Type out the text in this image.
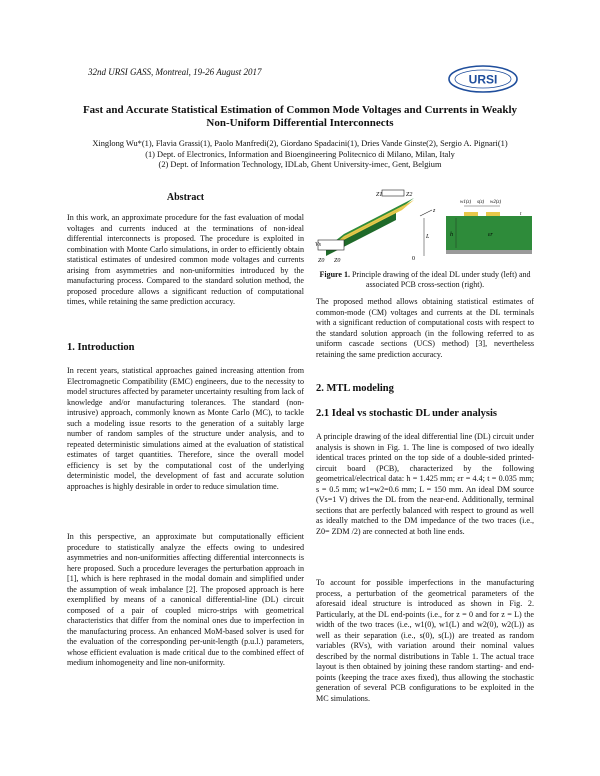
32nd URSI GASS, Montreal, 19-26 August 2017
URSI
Fast and Accurate Statistical Estimation of Common Mode Voltages and Currents in Weakly
Non-Uniform Differential Interconnects
Xinglong Wu*(1), Flavia Grassi(1), Paolo Manfredi(2), Giordano Spadacini(1), Dries Vande Ginste(2), Sergio A. Pignari(1)
(1) Dept. of Electronics, Information and Bioengineering Politecnico di Milano, Milan, Italy
(2) Dept. of Information Technology, IDLab, Ghent University-imec, Gent, Belgium
Abstract

In this work, an approximate procedure for the fast evaluation of modal voltages and currents induced at the terminations of non-ideal differential interconnects is proposed. The procedure is exploited in combination with Monte Carlo simulations, in order to efficiently obtain statistical estimates of undesired common mode voltages and currents arising from asymmetries and non-uniformities introduced by the manufacturing process. Compared to the standard solution method, the proposed procedure allows a significant reduction of computational times, while retaining the same prediction accuracy.

1. Introduction

In recent years, statistical approaches gained increasing attention from Electromagnetic Compatibility (EMC) engineers, due to the necessity to model structures affected by parameter uncertainty resulting from lack of knowledge and/or manufacturing tolerances. The standard (non-intrusive) approach, commonly known as Monte Carlo (MC), to tackle such a modeling issue resorts to the generation of a suitably large number of random samples of the structure under analysis, and to repeated deterministic simulations aimed at the evaluation of statistical estimates of target quantities. Therefore, since the overall model efficiency is set by the computational cost of the underlying deterministic model, the development of fast and accurate solution approaches is highly desirable in order to reduce simulation time.

In this perspective, an approximate but computationally efficient procedure to statistically analyze the effects owing to undesired asymmetries and non-uniformities affecting differential interconnects is here proposed. Such a procedure leverages the perturbation approach in [1], which is here rephrased in the modal domain and simplified under the assumption of weak imbalance [2]. The proposed approach is here exemplified by means of a canonical differential-line (DL) circuit composed of a pair of coupled micro-strips with geometrical characteristics that differ from the nominal ones due to imperfection in the manufacturing process. An enhanced MoM-based solver is used for the evaluation of the corresponding per-unit-length (p.u.l.) parameters, whose efficient evaluation is made critical due to the combined effect of medium inhomogeneity and line non-uniformity.

Z1	Z2
Vs
Z0 Z0
z
L
0
w1(z) s(z) w2(z)
t
h	εr
Figure 1. Principle drawing of the ideal DL under study (left) and associated PCB cross-section (right).

The proposed method allows obtaining statistical estimates of common-mode (CM) voltages and currents at the DL terminals with a significant reduction of computational costs with respect to the standard solution approach (in the following referred to as uniform cascade sections (UCS) method) [3], nevertheless retaining the same prediction accuracy.

2. MTL modeling
2.1 Ideal vs stochastic DL under analysis

A principle drawing of the ideal differential line (DL) circuit under analysis is shown in Fig. 1. The line is composed of two ideally identical traces printed on the top side of a double-sided printed-circuit board (PCB), characterized by the following geometrical/electrical data: h = 1.425 mm; εr = 4.4; t = 0.035 mm; s = 0.5 mm; w1=w2=0.6 mm; L = 150 mm. An ideal DM source (Vs=1 V) drives the DL from the near-end. Additionally, terminal sections that are perfectly balanced with respect to ground as well as ideally matched to the DM impedance of the two traces (i.e., Z0= ZDM /2) are connected at both line ends.

To account for possible imperfections in the manufacturing process, a perturbation of the geometrical parameters of the aforesaid ideal structure is introduced as shown in Fig. 2. Particularly, at the DL end-points (i.e., for z = 0 and for z = L) the width of the two traces (i.e., w1(0), w1(L) and w2(0), w2(L)) as well as their separation (i.e., s(0), s(L)) are treated as random variables (RVs), with variation around their nominal values described by the normal distributions in Table 1. The actual trace layout is then obtained by joining these random starting- and end-points (keeping the trace axes fixed), thus allowing the stochastic generation of several PCB configurations to be exploited in the MC simulations.
